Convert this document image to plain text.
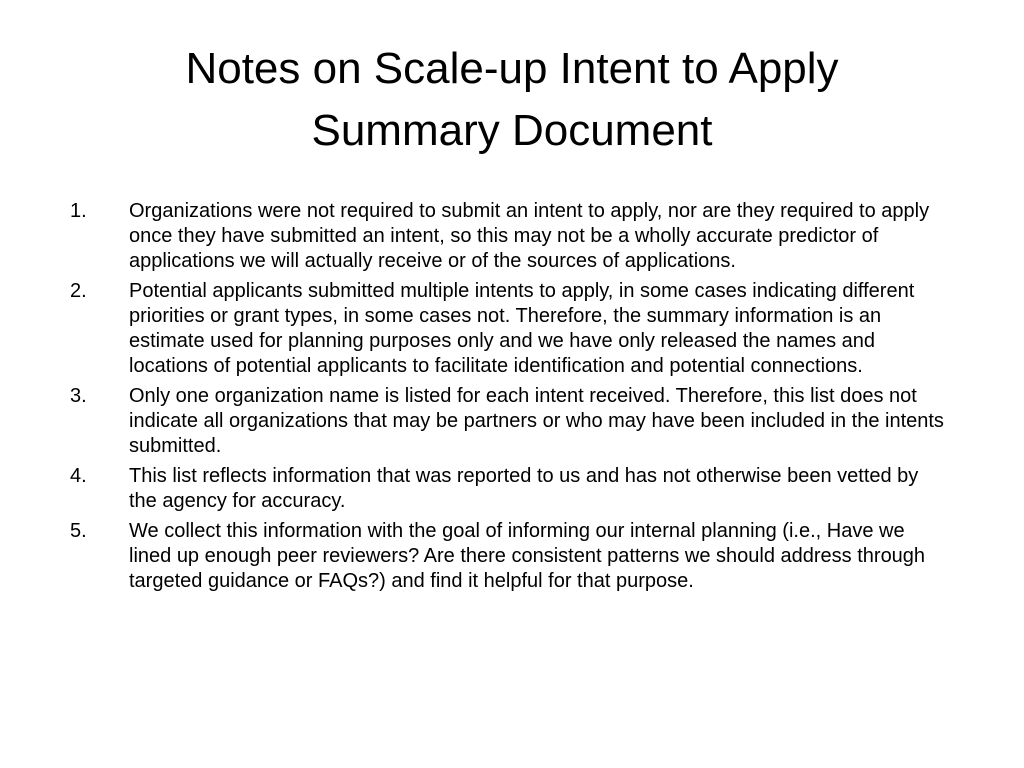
Notes on Scale-up Intent to Apply
Summary Document
1.	Organizations were not required to submit an intent to apply, nor are they required to apply once they have submitted an intent, so this may not be a wholly accurate predictor of applications we will actually receive or of the sources of applications.
2.	Potential applicants submitted multiple intents to apply, in some cases indicating different priorities or grant types, in some cases not. Therefore, the summary information is an estimate used for planning purposes only and we have only released the names and locations of potential applicants to facilitate identification and potential connections.
3.	Only one organization name is listed for each intent received. Therefore, this list does not indicate all organizations that may be partners or who may have been included in the intents submitted.
4.	This list reflects information that was reported to us and has not otherwise been vetted by the agency for accuracy.
5.	We collect this information with the goal of informing our internal planning (i.e., Have we lined up enough peer reviewers? Are there consistent patterns we should address through targeted guidance or FAQs?) and find it helpful for that purpose.
